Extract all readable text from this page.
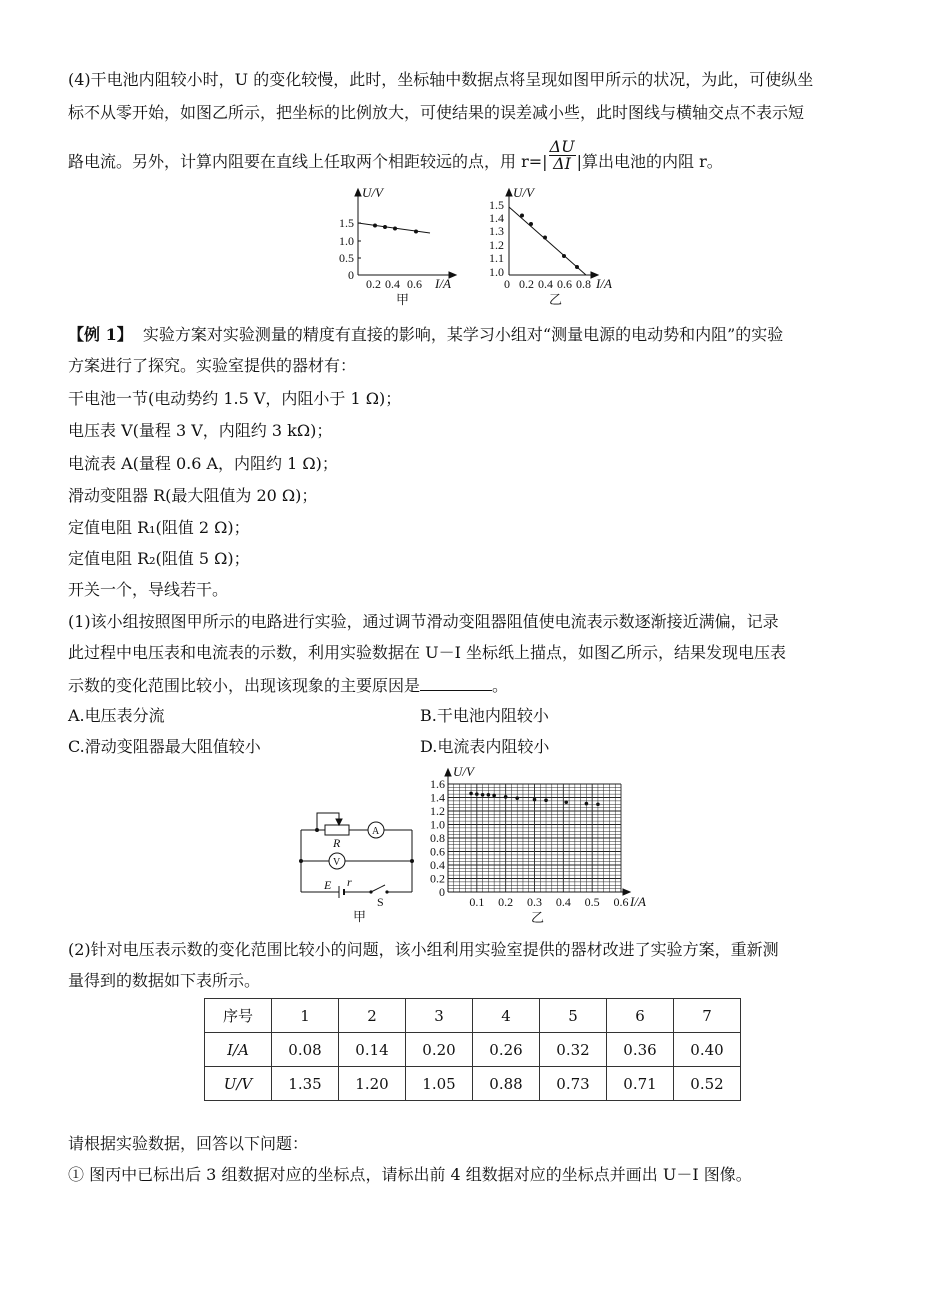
(4)干电池内阻较小时，U 的变化较慢，此时，坐标轴中数据点将呈现如图甲所示的状况，为此，可使纵坐
标不从零开始，如图乙所示，把坐标的比例放大，可使结果的误差减小些，此时图线与横轴交点不表示短
路电流。另外，计算内阻要在直线上任取两个相距较远的点，用 $r=| \frac{\Delta U}{\Delta I}$ |算出电池的内阻 r。
U/V
1.5
1.0
0.5
0
0.2 0.4 0.6 I/A
甲
U/V
1.5
1.4
1.3
1.2
1.1
1.0
0 0.2 0.4 0.6 0.8 I/A
乙
【例 1】 实验方案对实验测量的精度有直接的影响，某学习小组对“测量电源的电动势和内阻”的实验
方案进行了探究。实验室提供的器材有：
干电池一节(电动势约 1.5 V，内阻小于 1 Ω)；
电压表 V(量程 3 V，内阻约 3 kΩ)；
电流表 A(量程 0.6 A，内阻约 1 Ω)；
滑动变阻器 R(最大阻值为 20 Ω)；
定值电阻 R₁(阻值 2 Ω)；
定值电阻 R₂(阻值 5 Ω)；
开关一个，导线若干。
(1)该小组按照图甲所示的电路进行实验，通过调节滑动变阻器阻值使电流表示数逐渐接近满偏，记录
此过程中电压表和电流表的示数，利用实验数据在 U－I 坐标纸上描点，如图乙所示，结果发现电压表
示数的变化范围比较小，出现该现象的主要原因是	。
A.电压表分流	B.干电池内阻较小
C.滑动变阻器最大阻值较小	D.电流表内阻较小
R
A
V
E r
S
甲
1.6
1.4
1.2
1.0
0.8
0.6
0.4
0.2
0
0.1 0.2 0.3 0.4 0.5 0.6
U/V
I/A
乙
(2)针对电压表示数的变化范围比较小的问题，该小组利用实验室提供的器材改进了实验方案，重新测
量得到的数据如下表所示。
序号	1	2	3	4	5	6	7
I/A	0.08	0.14	0.20	0.26	0.32	0.36	0.40
U/V	1.35	1.20	1.05	0.88	0.73	0.71	0.52
请根据实验数据，回答以下问题：
① 图丙中已标出后 3 组数据对应的坐标点，请标出前 4 组数据对应的坐标点并画出 U－I 图像。
